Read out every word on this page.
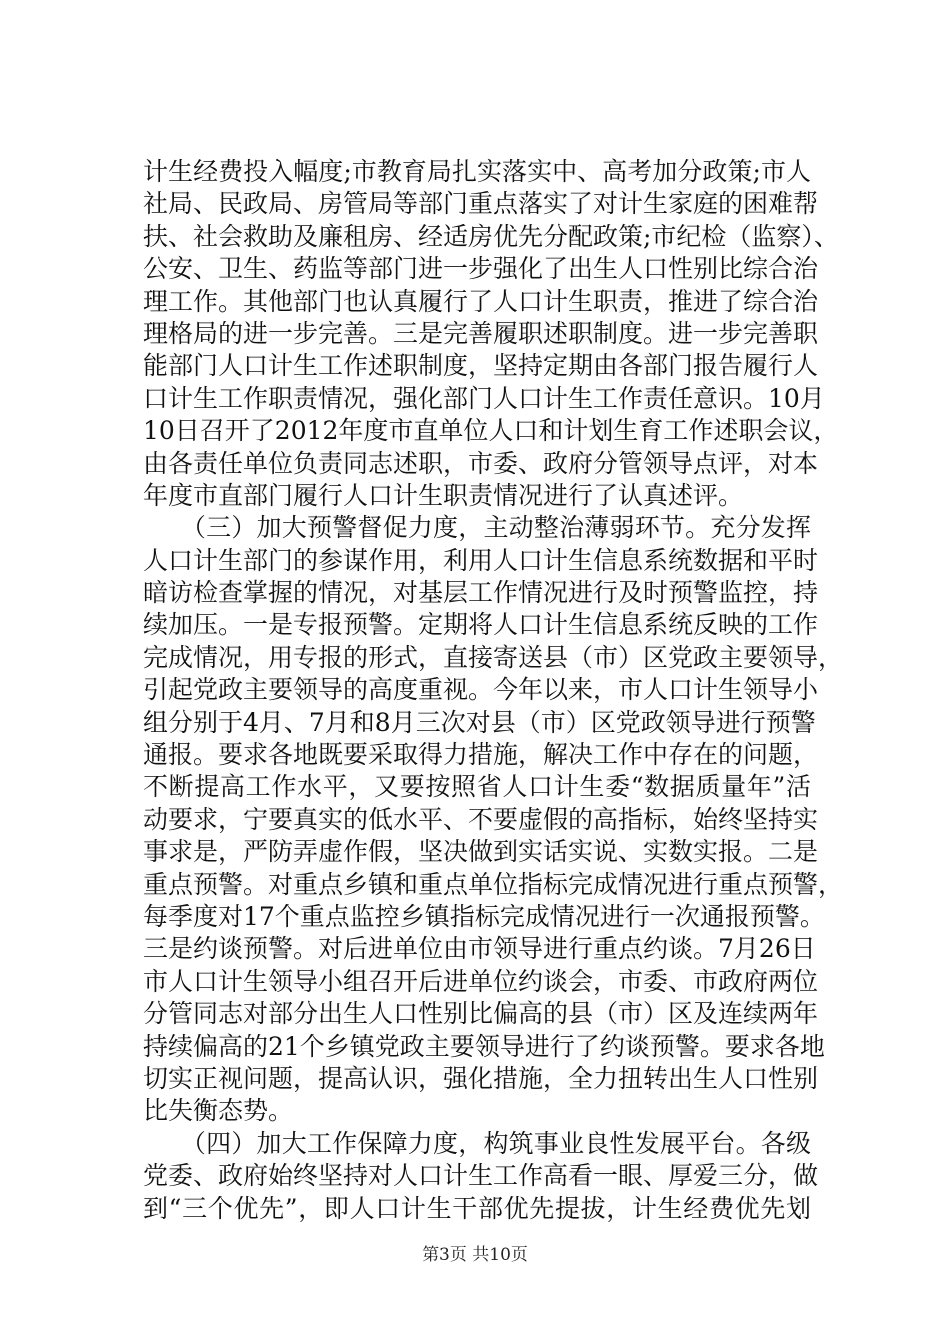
计生经费投入幅度;市教育局扎实落实中、高考加分政策;市人
社局、民政局、房管局等部门重点落实了对计生家庭的困难帮
扶、社会救助及廉租房、经适房优先分配政策;市纪检（监察）、
公安、卫生、药监等部门进一步强化了出生人口性别比综合治
理工作。其他部门也认真履行了人口计生职责，推进了综合治
理格局的进一步完善。三是完善履职述职制度。进一步完善职
能部门人口计生工作述职制度，坚持定期由各部门报告履行人
口计生工作职责情况，强化部门人口计生工作责任意识。10月
10日召开了2012年度市直单位人口和计划生育工作述职会议，
由各责任单位负责同志述职，市委、政府分管领导点评，对本
年度市直部门履行人口计生职责情况进行了认真述评。
　　（三）加大预警督促力度，主动整治薄弱环节。充分发挥
人口计生部门的参谋作用，利用人口计生信息系统数据和平时
暗访检查掌握的情况，对基层工作情况进行及时预警监控，持
续加压。一是专报预警。定期将人口计生信息系统反映的工作
完成情况，用专报的形式，直接寄送县（市）区党政主要领导，
引起党政主要领导的高度重视。今年以来，市人口计生领导小
组分别于4月、7月和8月三次对县（市）区党政领导进行预警
通报。要求各地既要采取得力措施，解决工作中存在的问题，
不断提高工作水平，又要按照省人口计生委“数据质量年”活
动要求，宁要真实的低水平、不要虚假的高指标，始终坚持实
事求是，严防弄虚作假，坚决做到实话实说、实数实报。二是
重点预警。对重点乡镇和重点单位指标完成情况进行重点预警，
每季度对17个重点监控乡镇指标完成情况进行一次通报预警。
三是约谈预警。对后进单位由市领导进行重点约谈。7月26日
市人口计生领导小组召开后进单位约谈会，市委、市政府两位
分管同志对部分出生人口性别比偏高的县（市）区及连续两年
持续偏高的21个乡镇党政主要领导进行了约谈预警。要求各地
切实正视问题，提高认识，强化措施，全力扭转出生人口性别
比失衡态势。
　　（四）加大工作保障力度，构筑事业良性发展平台。各级
党委、政府始终坚持对人口计生工作高看一眼、厚爱三分，做
到“三个优先”，即人口计生干部优先提拔，计生经费优先划
第3页 共10页
